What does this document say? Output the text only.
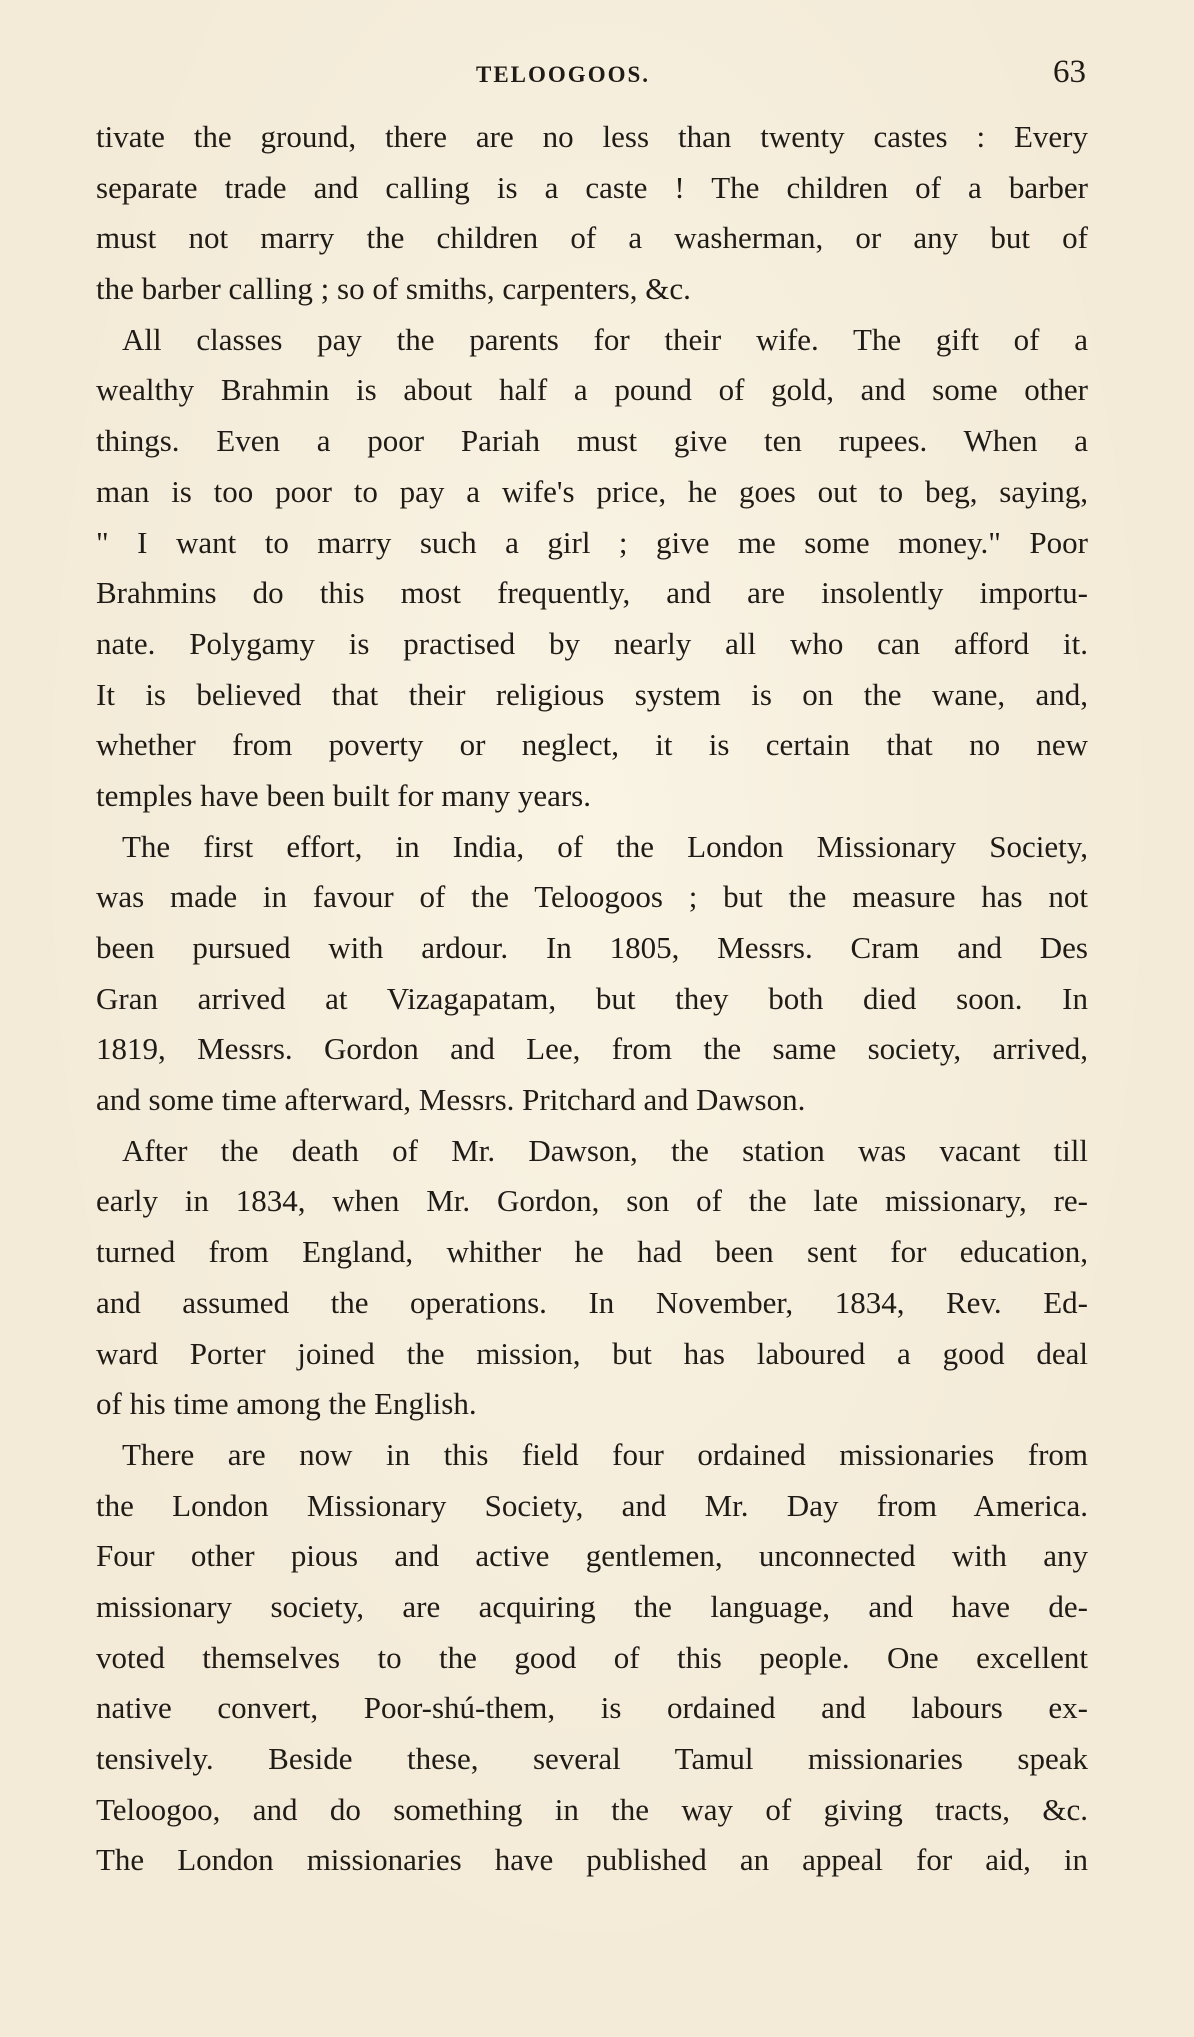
TELOOGOOS.	63
tivate the ground, there are no less than twenty castes : Every
separate trade and calling is a caste ! The children of a barber
must not marry the children of a washerman, or any but of
the barber calling ; so of smiths, carpenters, &c.
All classes pay the parents for their wife. The gift of a
wealthy Brahmin is about half a pound of gold, and some other
things. Even a poor Pariah must give ten rupees. When a
man is too poor to pay a wife's price, he goes out to beg, saying,
" I want to marry such a girl ; give me some money." Poor
Brahmins do this most frequently, and are insolently importu-
nate. Polygamy is practised by nearly all who can afford it.
It is believed that their religious system is on the wane, and,
whether from poverty or neglect, it is certain that no new
temples have been built for many years.
The first effort, in India, of the London Missionary Society,
was made in favour of the Teloogoos ; but the measure has not
been pursued with ardour. In 1805, Messrs. Cram and Des
Gran arrived at Vizagapatam, but they both died soon. In
1819, Messrs. Gordon and Lee, from the same society, arrived,
and some time afterward, Messrs. Pritchard and Dawson.
After the death of Mr. Dawson, the station was vacant till
early in 1834, when Mr. Gordon, son of the late missionary, re-
turned from England, whither he had been sent for education,
and assumed the operations. In November, 1834, Rev. Ed-
ward Porter joined the mission, but has laboured a good deal
of his time among the English.
There are now in this field four ordained missionaries from
the London Missionary Society, and Mr. Day from America.
Four other pious and active gentlemen, unconnected with any
missionary society, are acquiring the language, and have de-
voted themselves to the good of this people. One excellent
native convert, Poor-shú-them, is ordained and labours ex-
tensively. Beside these, several Tamul missionaries speak
Teloogoo, and do something in the way of giving tracts, &c.
The London missionaries have published an appeal for aid, in
